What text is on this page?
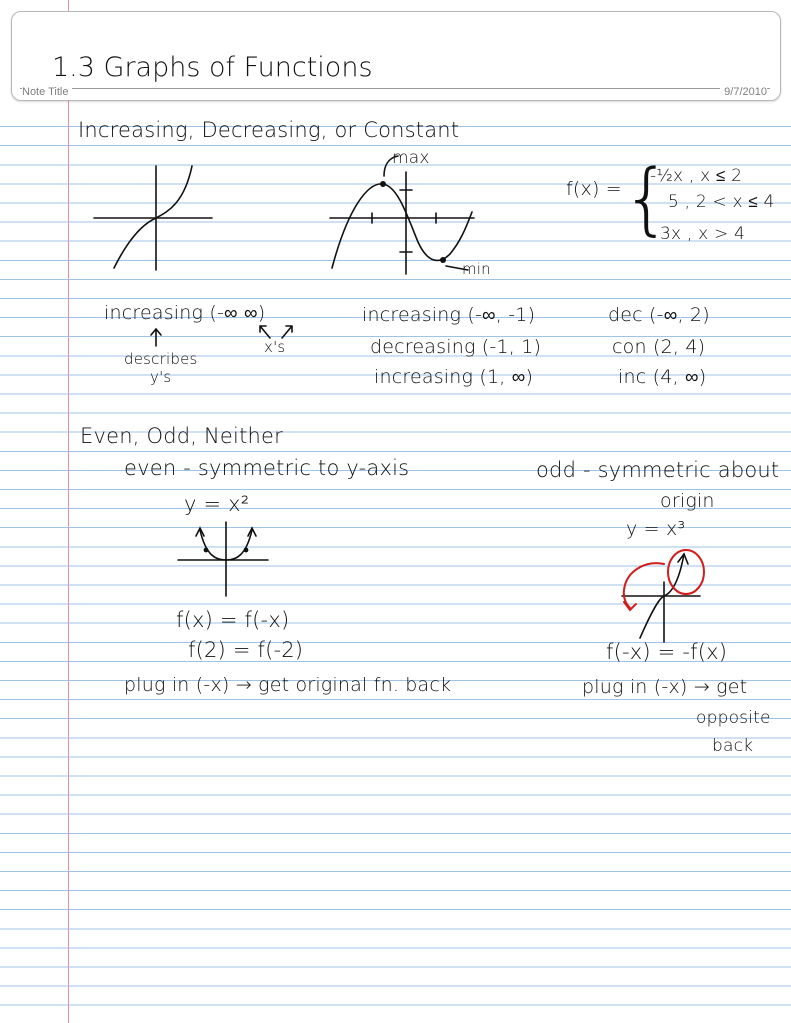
Note Title	9/7/2010
1.3 Graphs of Functions
Increasing, Decreasing, or Constant
max
min
f(x) = {
-½x , x ≤ 2
5 , 2 < x ≤ 4
3x , x > 4
increasing (-∞ ∞)
x's
describes
y's
increasing (-∞, -1)
decreasing (-1, 1)
increasing (1, ∞)
dec (-∞, 2)
con (2, 4)
inc (4, ∞)
Even, Odd, Neither
even - symmetric to y-axis
y = x²
f(x) = f(-x)
f(2) = f(-2)
plug in (-x) → get original fn. back
odd - symmetric about
origin
y = x³
f(-x) = -f(x)
plug in (-x) → get
opposite
back
